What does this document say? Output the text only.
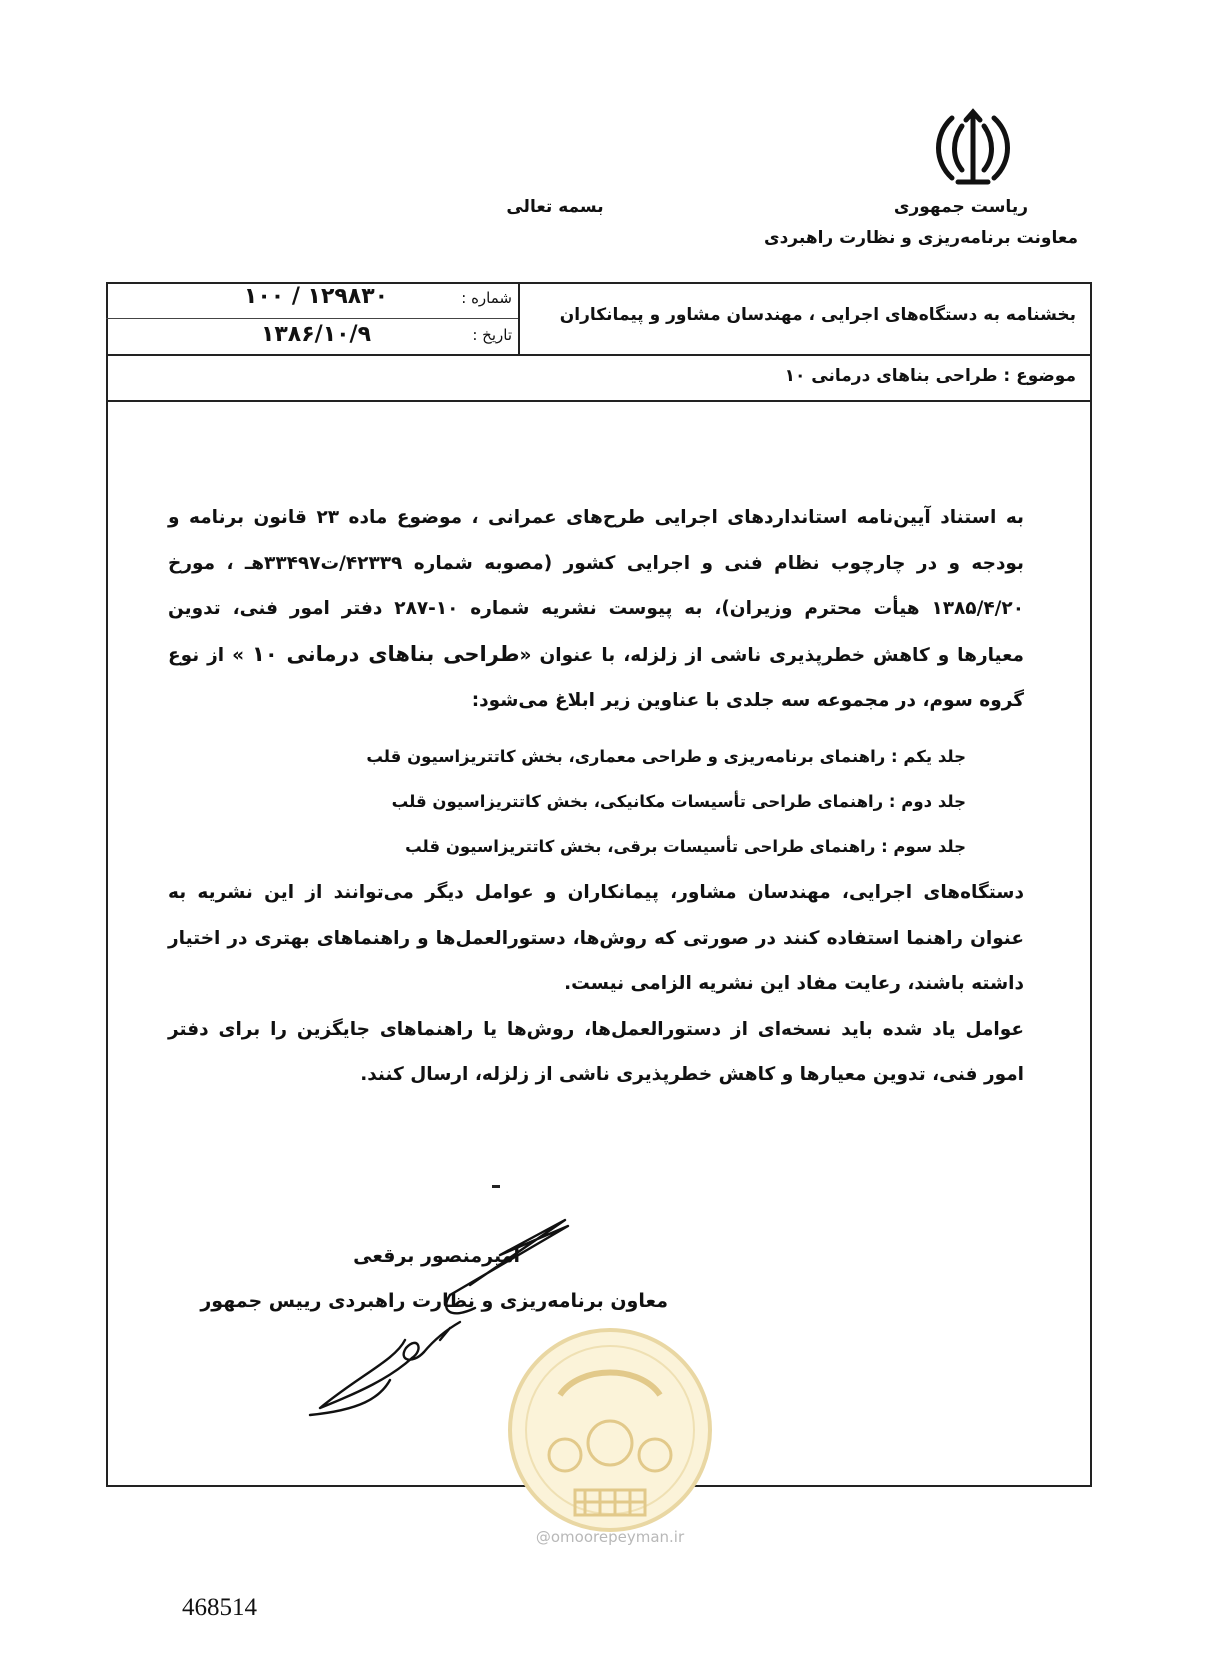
بسمه تعالی	ریاست جمهوری
معاونت برنامه‌ریزی و نظارت راهبردی
شماره :
تاریخ :
۱۰۰ / ۱۲۹۸۳۰
۱۳۸۶/۱۰/۹
بخشنامه به دستگاه‌های اجرایی ، مهندسان مشاور و پیمانکاران
موضوع : طراحی بناهای درمانی ۱۰

به استناد آیین‌نامه استانداردهای اجرایی طرح‌های عمرانی ، موضوع ماده ۲۳ قانون برنامه و بودجه و در چارچوب نظام فنی و اجرایی کشور (مصوبه شماره ۴۲۳۳۹/ت۳۳۴۹۷هـ ، مورخ ۱۳۸۵/۴/۲۰ هیأت محترم وزیران)، به پیوست نشریه شماره ۱۰-۲۸۷ دفتر امور فنی، تدوین معیارها و کاهش خطرپذیری ناشی از زلزله، با عنوان «طراحی بناهای درمانی ۱۰ » از نوع گروه سوم، در مجموعه سه جلدی با عناوین زیر ابلاغ می‌شود:

جلد یکم : راهنمای برنامه‌ریزی و طراحی معماری، بخش کاتتریزاسیون قلب
جلد دوم : راهنمای طراحی تأسیسات مکانیکی، بخش کاتتریزاسیون قلب
جلد سوم : راهنمای طراحی تأسیسات برقی، بخش کاتتریزاسیون قلب

دستگاه‌های اجرایی، مهندسان مشاور، پیمانکاران و عوامل دیگر می‌توانند از این نشریه به عنوان راهنما استفاده کنند در صورتی که روش‌ها، دستورالعمل‌ها و راهنماهای بهتری در اختیار داشته باشند، رعایت مفاد این نشریه الزامی نیست.

عوامل یاد شده باید نسخه‌ای از دستورالعمل‌ها، روش‌ها یا راهنماهای جایگزین را برای دفتر امور فنی، تدوین معیارها و کاهش خطرپذیری ناشی از زلزله، ارسال کنند.

امیرمنصور برقعی
معاون برنامه‌ریزی و نظارت راهبردی رییس جمهور
@omoorepeyman.ir
468514
